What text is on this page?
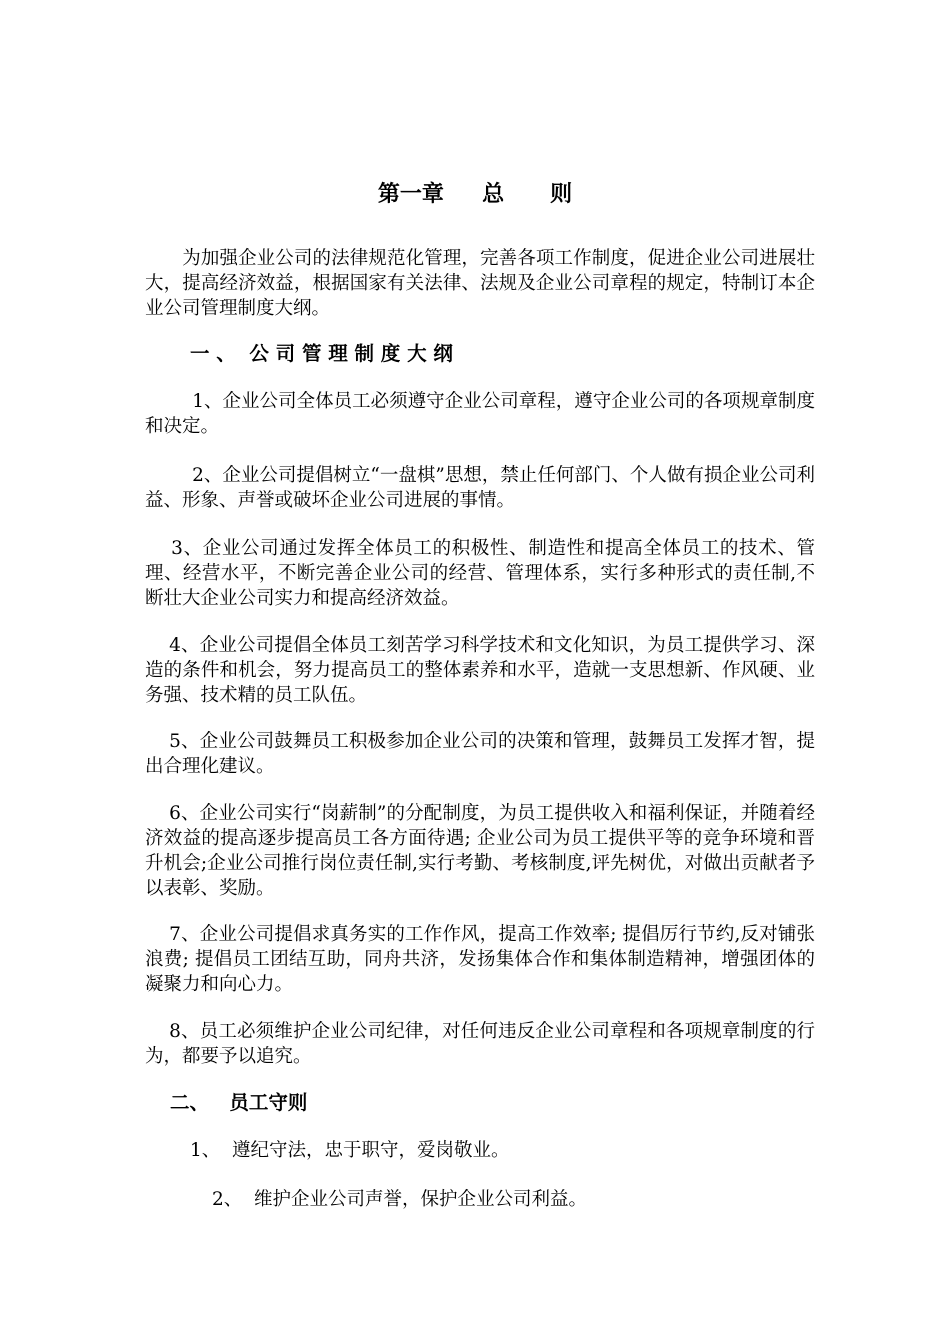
第一章     总      则

　　为加强企业公司的法律规范化管理，完善各项工作制度，促进企业公司进展壮大，提高经济效益，根据国家有关法律、法规及企业公司章程的规定，特制订本企业公司管理制度大纲。

一 、  公 司 管 理 制 度 大 纲

1、企业公司全体员工必须遵守企业公司章程，遵守企业公司的各项规章制度和决定。

2、企业公司提倡树立“一盘棋”思想，禁止任何部门、个人做有损企业公司利益、形象、声誉或破坏企业公司进展的事情。

3、企业公司通过发挥全体员工的积极性、制造性和提高全体员工的技术、管理、经营水平，不断完善企业公司的经营、管理体系，实行多种形式的责任制,不断壮大企业公司实力和提高经济效益。

4、企业公司提倡全体员工刻苦学习科学技术和文化知识，为员工提供学习、深造的条件和机会，努力提高员工的整体素养和水平，造就一支思想新、作风硬、业务强、技术精的员工队伍。

5、企业公司鼓舞员工积极参加企业公司的决策和管理，鼓舞员工发挥才智，提出合理化建议。

6、企业公司实行“岗薪制”的分配制度，为员工提供收入和福利保证，并随着经济效益的提高逐步提高员工各方面待遇; 企业公司为员工提供平等的竞争环境和晋升机会;企业公司推行岗位责任制,实行考勤、考核制度,评先树优，对做出贡献者予以表彰、奖励。

7、企业公司提倡求真务实的工作作风，提高工作效率; 提倡厉行节约,反对铺张浪费; 提倡员工团结互助，同舟共济，发扬集体合作和集体制造精神，增强团体的凝聚力和向心力。

8、员工必须维护企业公司纪律，对任何违反企业公司章程和各项规章制度的行为，都要予以追究。

二、   员工守则
1、  遵纪守法，忠于职守，爱岗敬业。
2、  维护企业公司声誉，保护企业公司利益。
